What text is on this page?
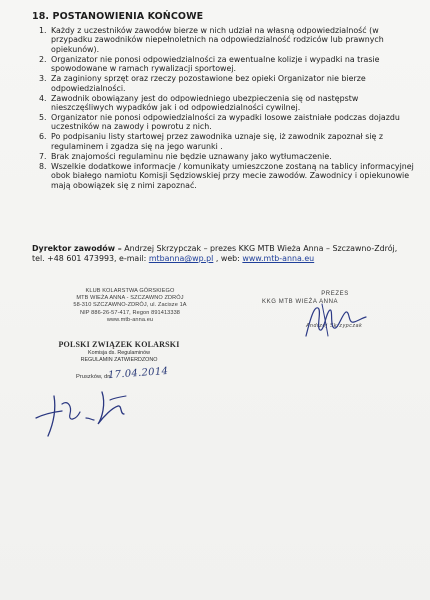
18. POSTANOWIENIA KOŃCOWE
1. Każdy z uczestników zawodów bierze w nich udział na własną odpowiedzialność (w przypadku zawodników niepełnoletnich na odpowiedzialność rodziców lub prawnych opiekunów).
2. Organizator nie ponosi odpowiedzialności za ewentualne kolizje i wypadki na trasie spowodowane w ramach rywalizacji sportowej.
3. Za zaginiony sprzęt oraz rzeczy pozostawione bez opieki Organizator nie bierze odpowiedzialności.
4. Zawodnik obowiązany jest do odpowiedniego ubezpieczenia się od następstw nieszczęśliwych wypadków jak i od odpowiedzialności cywilnej.
5. Organizator nie ponosi odpowiedzialności za wypadki losowe zaistniałe podczas dojazdu uczestników na zawody i powrotu z nich.
6. Po podpisaniu listy startowej przez zawodnika uznaje się, iż zawodnik zapoznał się z regulaminem i zgadza się na jego warunki .
7. Brak znajomości regulaminu nie będzie uznawany jako wytłumaczenie.
8. Wszelkie dodatkowe informacje / komunikaty umieszczone zostaną na tablicy informacyjnej obok białego namiotu Komisji Sędziowskiej przy mecie zawodów. Zawodnicy i opiekunowie mają obowiązek się z nimi zapoznać.
Dyrektor zawodów – Andrzej Skrzypczak – prezes KKG MTB Wieża Anna – Szczawno-Zdrój, tel. +48 601 473993, e-mail: mtbanna@wp.pl , web: www.mtb-anna.eu
KLUB KOLARSTWA GÓRSKIEGO
MTB WIEŻA ANNA - SZCZAWNO ZDRÓJ
58-310 SZCZAWNO-ZDRÓJ, ul. Zacisze 1A
NIP 886-26-57-417, Regon 891413338
www.mtb-anna.eu
PREZES
KKG MTB WIEŻA ANNA
Andrzej Skrzypczak
POLSKI ZWIĄZEK KOLARSKI
Komisja ds. Regulaminów
REGULAMIN ZATWIERDZONO
Pruszków, dn.
17.04.2014
